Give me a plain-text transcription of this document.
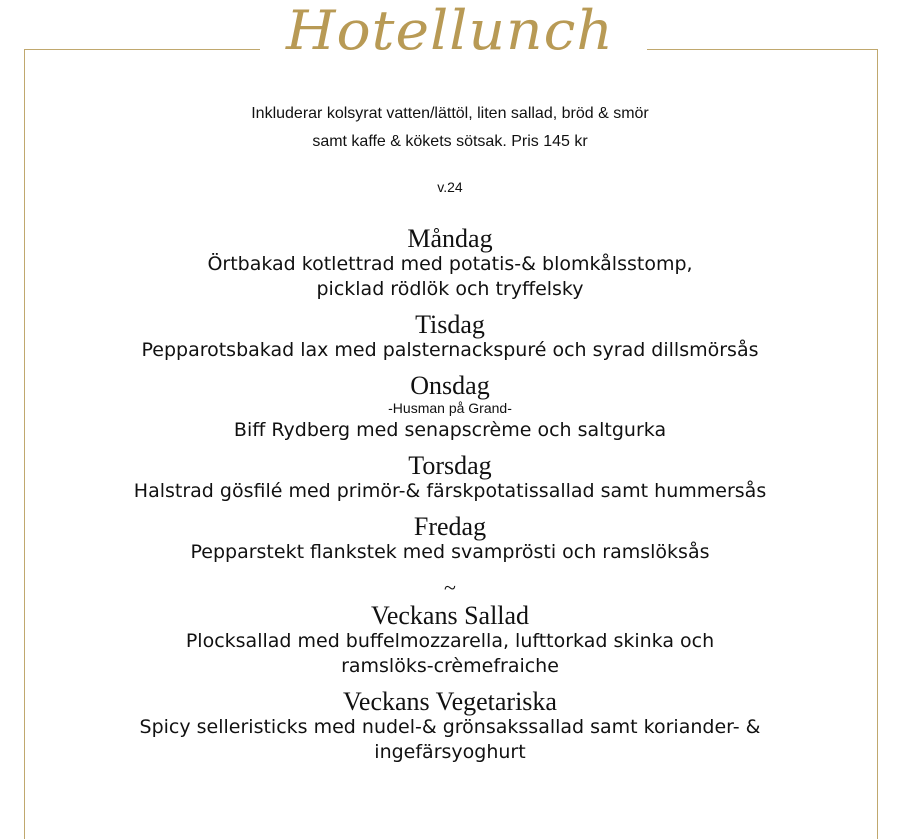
Hotellunch
Inkluderar kolsyrat vatten/lättöl, liten sallad, bröd & smör
samt kaffe & kökets sötsak. Pris 145 kr
v.24
Måndag
Örtbakad kotlettrad med potatis-& blomkålsstomp,
picklad rödlök och tryffelsky
Tisdag
Pepparotsbakad lax med palsternackspuré och syrad dillsmörsås
Onsdag
-Husman på Grand-
Biff Rydberg med senapscrème och saltgurka
Torsdag
Halstrad gösfilé med primör-& färskpotatissallad samt hummersås
Fredag
Pepparstekt flankstek med svamprösti och ramslöksås
~
Veckans Sallad
Plocksallad med buffelmozzarella, lufttorkad skinka och
ramslöks-crèmefraiche
Veckans Vegetariska
Spicy selleristicks med nudel-& grönsakssallad samt koriander- &
ingefärsyoghurt
